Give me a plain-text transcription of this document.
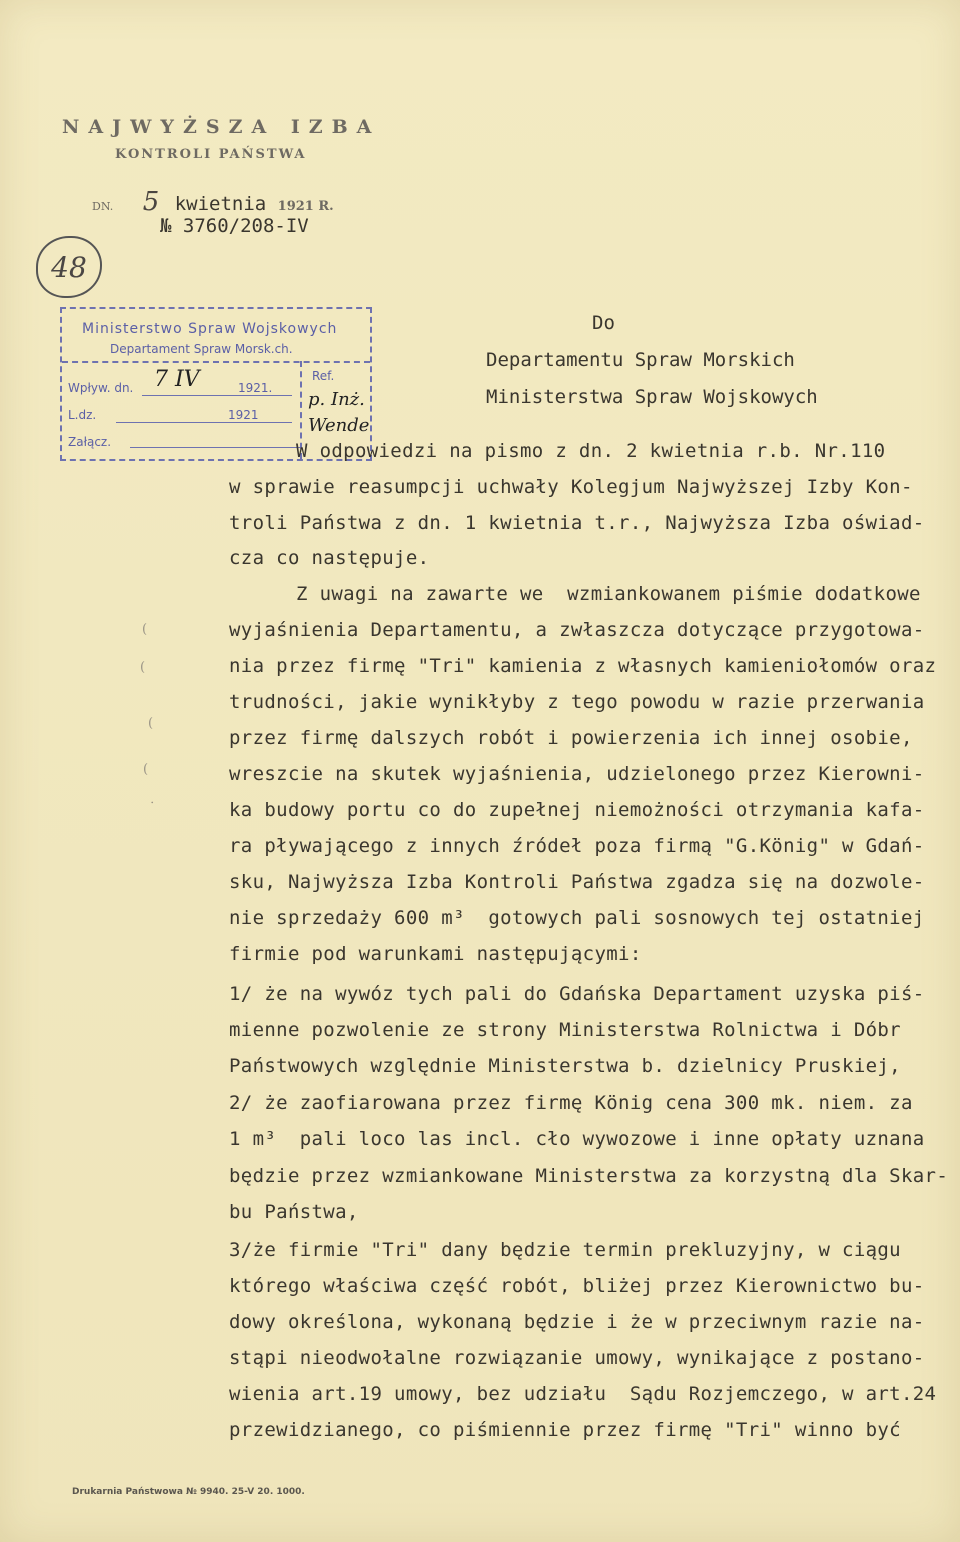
NAJWYŻSZA IZBA
KONTROLI PAŃSTWA
DN. 5 kwietnia 1921 R.
№ 3760/208-IV
48
Ministerstwo Spraw Wojskowych
Departament Spraw Morsk.ch.
Wpływ. dn. 7 IV	1921.
L.dz.	1921
Załącz.
Ref.
p. Inż. Wende
Do
Departamentu Spraw Morskich
Ministerstwa Spraw Wojskowych
W odpowiedzi na pismo z dn. 2 kwietnia r.b. Nr.110
w sprawie reasumpcji uchwały Kolegjum Najwyższej Izby Kon-
troli Państwa z dn. 1 kwietnia t.r., Najwyższa Izba oświad-
cza co następuje.
Z uwagi na zawarte we  wzmiankowanem piśmie dodatkowe
wyjaśnienia Departamentu, a zwłaszcza dotyczące przygotowa-
nia przez firmę "Tri" kamienia z własnych kamieniołomów oraz
trudności, jakie wynikłyby z tego powodu w razie przerwania
przez firmę dalszych robót i powierzenia ich innej osobie,
wreszcie na skutek wyjaśnienia, udzielonego przez Kierowni-
ka budowy portu co do zupełnej niemożności otrzymania kafa-
ra pływającego z innych źródeł poza firmą "G.König" w Gdań-
sku, Najwyższa Izba Kontroli Państwa zgadza się na dozwole-
nie sprzedaży 600 m³  gotowych pali sosnowych tej ostatniej
firmie pod warunkami następującymi:
1/ że na wywóz tych pali do Gdańska Departament uzyska piś-
mienne pozwolenie ze strony Ministerstwa Rolnictwa i Dóbr
Państwowych względnie Ministerstwa b. dzielnicy Pruskiej,
2/ że zaofiarowana przez firmę König cena 300 mk. niem. za
1 m³  pali loco las incl. cło wywozowe i inne opłaty uznana
będzie przez wzmiankowane Ministerstwa za korzystną dla Skar-
bu Państwa,
3/że firmie "Tri" dany będzie termin prekluzyjny, w ciągu
którego właściwa część robót, bliżej przez Kierownictwo bu-
dowy określona, wykonaną będzie i że w przeciwnym razie na-
stąpi nieodwołalne rozwiązanie umowy, wynikające z postano-
wienia art.19 umowy, bez udziału  Sądu Rozjemczego, w art.24
przewidzianego, co piśmiennie przez firmę "Tri" winno być
(
(
(
(
⋅
Drukarnia Państwowa № 9940. 25-V 20. 1000.
